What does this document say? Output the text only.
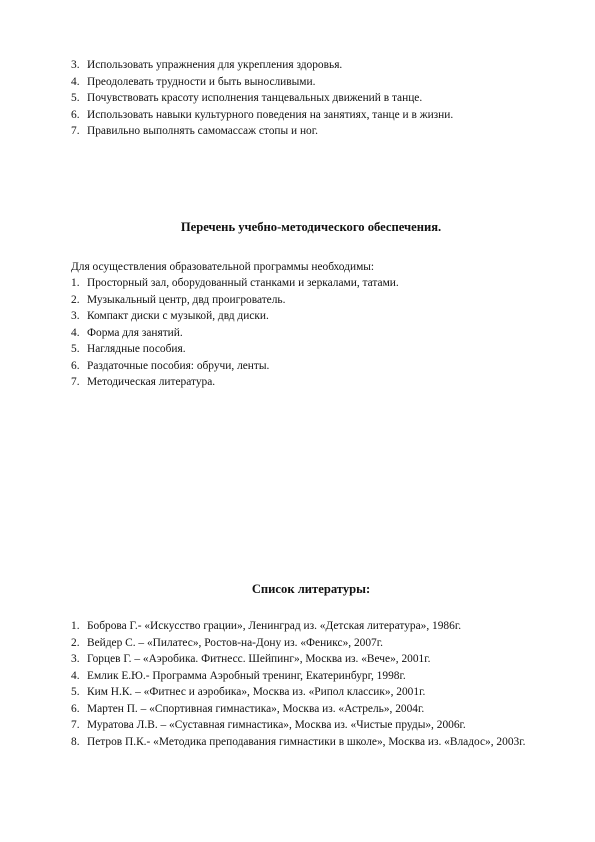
3. Использовать упражнения для укрепления здоровья.
4. Преодолевать трудности и быть выносливыми.
5. Почувствовать красоту исполнения танцевальных движений в танце.
6. Использовать навыки культурного поведения на занятиях, танце и в жизни.
7. Правильно выполнять самомассаж стопы и ног.
Перечень учебно-методического обеспечения.
Для осуществления образовательной программы необходимы:
1. Просторный зал, оборудованный станками и зеркалами, татами.
2. Музыкальный центр, двд проигрователь.
3. Компакт диски с музыкой, двд диски.
4. Форма для занятий.
5. Наглядные пособия.
6. Раздаточные пособия: обручи, ленты.
7. Методическая литература.
Список литературы:
1. Боброва Г.- «Искусство грации», Ленинград из. «Детская литература», 1986г.
2. Вейдер С. – «Пилатес», Ростов-на-Дону из. «Феникс», 2007г.
3. Горцев Г. – «Аэробика. Фитнесс. Шейпинг», Москва из. «Вече», 2001г.
4. Емлик Е.Ю.- Программа Аэробный тренинг, Екатеринбург, 1998г.
5. Ким Н.К. – «Фитнес и аэробика», Москва из. «Рипол классик», 2001г.
6. Мартен П. – «Спортивная гимнастика», Москва из. «Астрель», 2004г.
7. Муратова Л.В. – «Суставная гимнастика», Москва из. «Чистые пруды», 2006г.
8. Петров П.К.- «Методика преподавания гимнастики в школе», Москва из. «Владос», 2003г.
